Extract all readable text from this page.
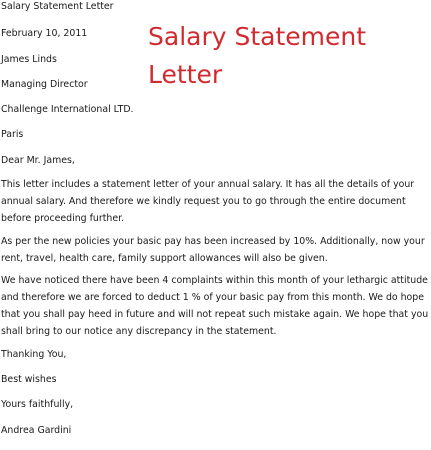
Salary Statement Letter
February 10, 2011
James Linds
Managing Director
Challenge International LTD.
Paris
Salary Statement Letter
Dear Mr. James,
This letter includes a statement letter of your annual salary. It has all the details of your annual salary. And therefore we kindly request you to go through the entire document before proceeding further.
As per the new policies your basic pay has been increased by 10%. Additionally, now your rent, travel, health care, family support allowances will also be given.
We have noticed there have been 4 complaints within this month of your lethargic attitude and therefore we are forced to deduct 1 % of your basic pay from this month. We do hope that you shall pay heed in future and will not repeat such mistake again. We hope that you shall bring to our notice any discrepancy in the statement.
Thanking You,
Best wishes
Yours faithfully,
Andrea Gardini
